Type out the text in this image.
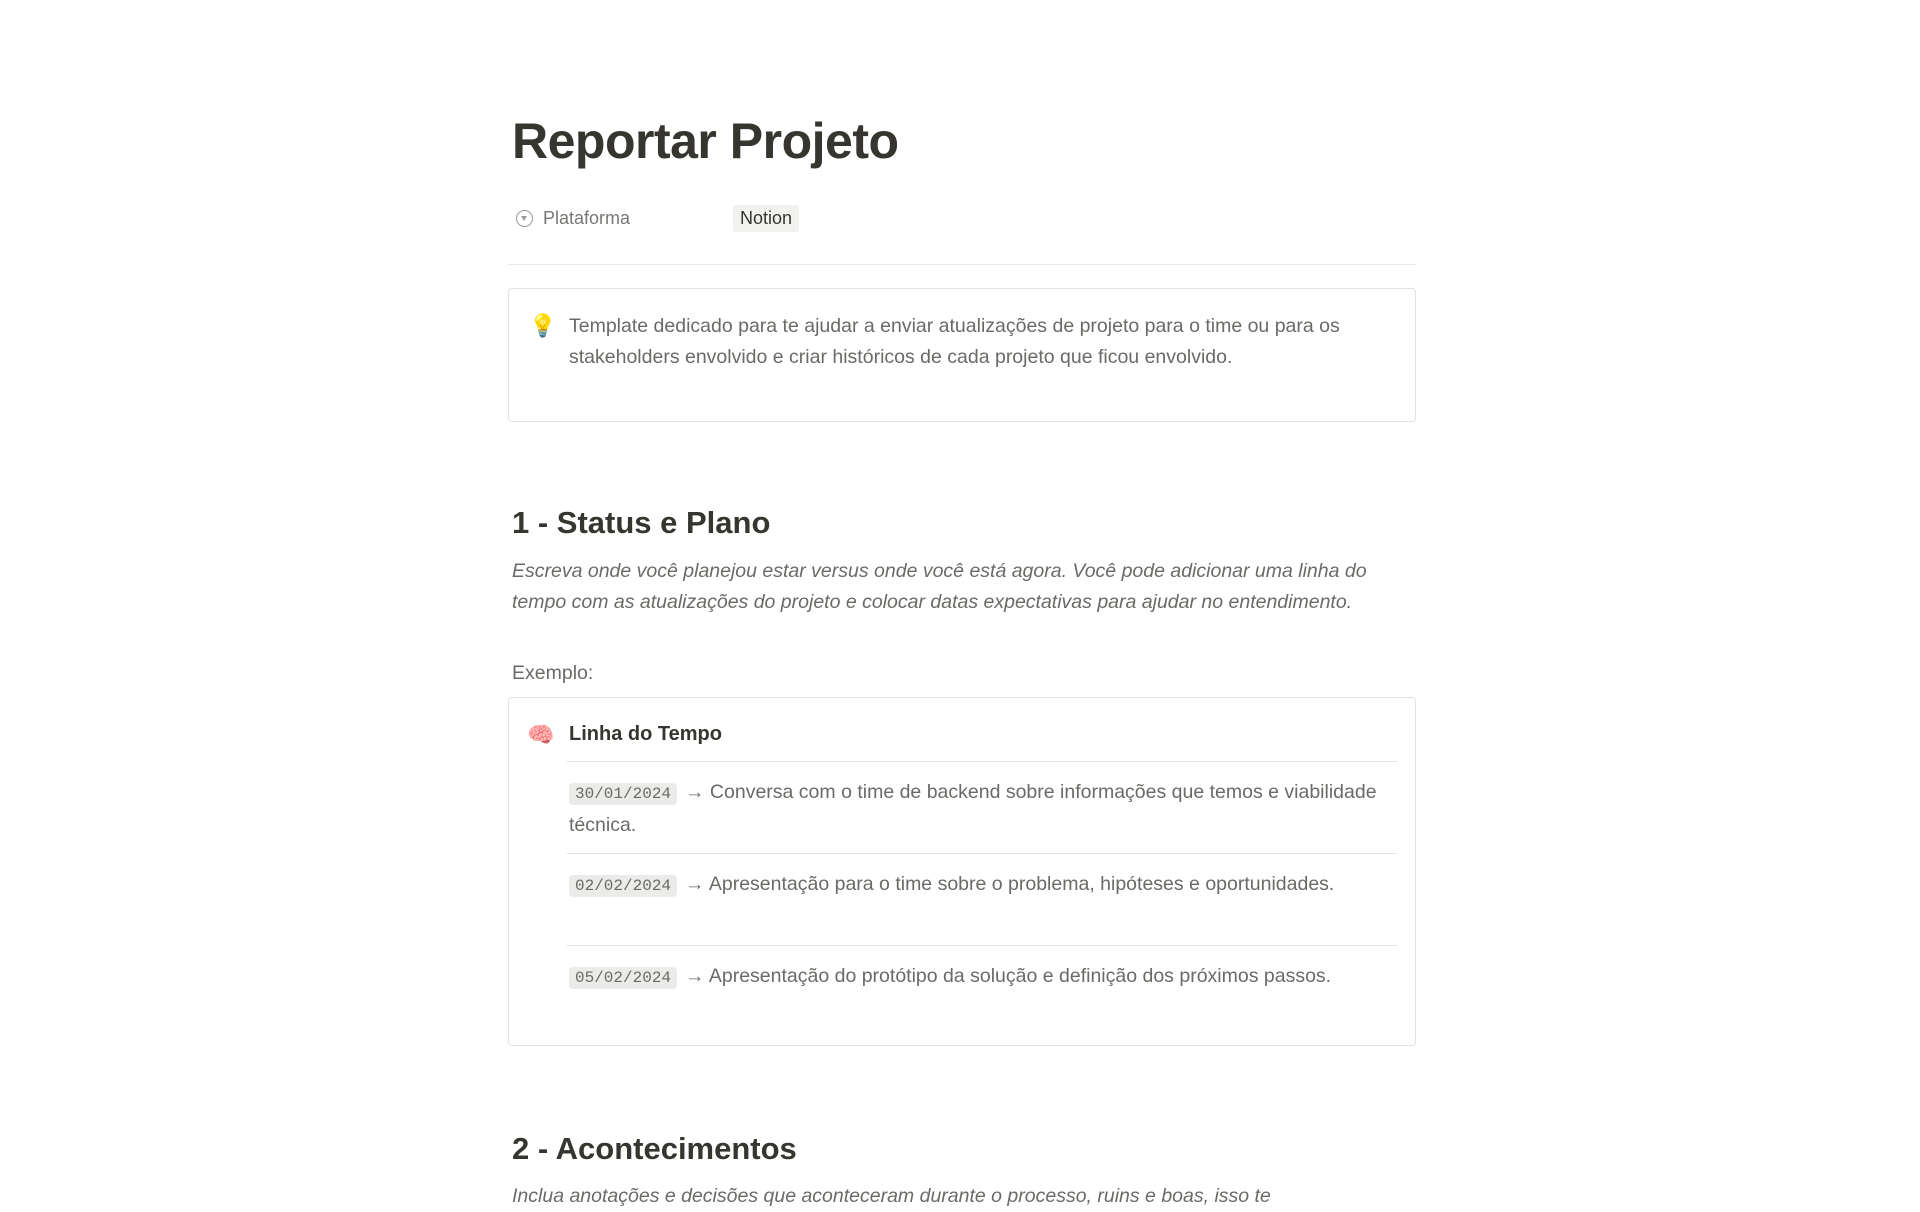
Reportar Projeto
Plataforma	Notion
💡 Template dedicado para te ajudar a enviar atualizações de projeto para o time ou para os stakeholders envolvido e criar históricos de cada projeto que ficou envolvido.
1 - Status e Plano
Escreva onde você planejou estar versus onde você está agora. Você pode adicionar uma linha do tempo com as atualizações do projeto e colocar datas expectativas para ajudar no entendimento.
Exemplo:
🧠 Linha do Tempo
30/01/2024 → Conversa com o time de backend sobre informações que temos e viabilidade técnica.
02/02/2024 → Apresentação para o time sobre o problema, hipóteses e oportunidades.
05/02/2024 → Apresentação do protótipo da solução e definição dos próximos passos.
2 - Acontecimentos
Inclua anotações e decisões que aconteceram durante o processo, ruins e boas, isso te
